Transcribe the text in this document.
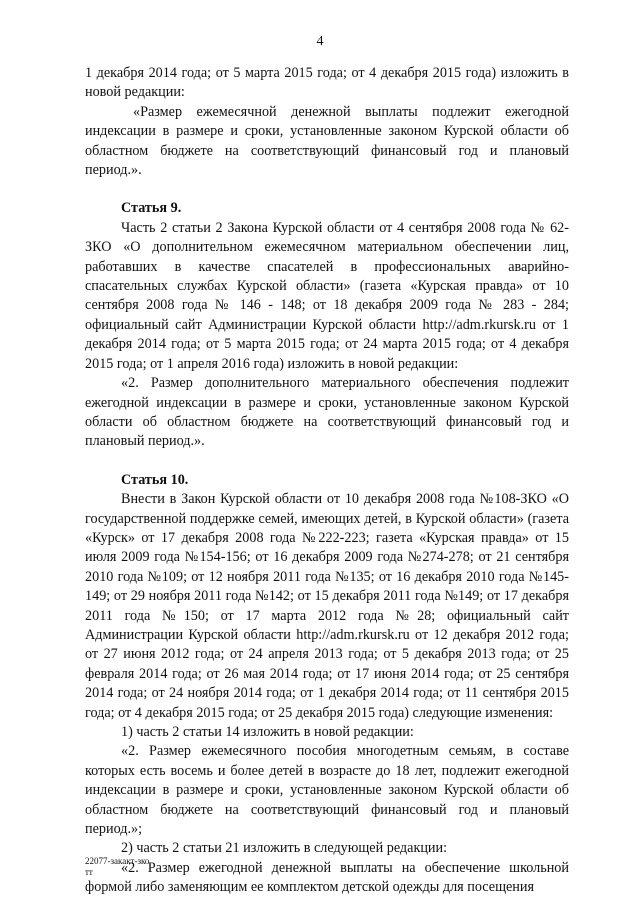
4

1 декабря 2014 года; от 5 марта 2015 года; от 4 декабря 2015 года) изложить в новой редакции:

«Размер ежемесячной денежной выплаты подлежит ежегодной индексации в размере и сроки, установленные законом Курской области об областном бюджете на соответствующий финансовый год и плановый период.».

Статья 9.

Часть 2 статьи 2 Закона Курской области от 4 сентября 2008 года № 62-ЗКО «О дополнительном ежемесячном материальном обеспечении лиц, работавших в качестве спасателей в профессиональных аварийно-спасательных службах Курской области» (газета «Курская правда» от 10 сентября 2008 года № 146 - 148; от 18 декабря 2009 года № 283 - 284; официальный сайт Администрации Курской области http://adm.rkursk.ru от 1 декабря 2014 года; от 5 марта 2015 года; от 24 марта 2015 года; от 4 декабря 2015 года; от 1 апреля 2016 года) изложить в новой редакции:

«2. Размер дополнительного материального обеспечения подлежит ежегодной индексации в размере и сроки, установленные законом Курской области об областном бюджете на соответствующий финансовый год и плановый период.».

Статья 10.

Внести в Закон Курской области от 10 декабря 2008 года №108-ЗКО «О государственной поддержке семей, имеющих детей, в Курской области» (газета «Курск» от 17 декабря 2008 года №222-223; газета «Курская правда» от 15 июля 2009 года №154-156; от 16 декабря 2009 года №274-278; от 21 сентября 2010 года №109; от 12 ноября 2011 года №135; от 16 декабря 2010 года №145-149; от 29 ноября 2011 года №142; от 15 декабря 2011 года №149; от 17 декабря 2011 года №150; от 17 марта 2012 года №28; официальный сайт Администрации Курской области http://adm.rkursk.ru от 12 декабря 2012 года; от 27 июня 2012 года; от 24 апреля 2013 года; от 5 декабря 2013 года; от 25 февраля 2014 года; от 26 мая 2014 года; от 17 июня 2014 года; от 25 сентября 2014 года; от 24 ноября 2014 года; от 1 декабря 2014 года; от 11 сентября 2015 года; от 4 декабря 2015 года; от 25 декабря 2015 года) следующие изменения:

1) часть 2 статьи 14 изложить в новой редакции:

«2. Размер ежемесячного пособия многодетным семьям, в составе которых есть восемь и более детей в возрасте до 18 лет, подлежит ежегодной индексации в размере и сроки, установленные законом Курской области об областном бюджете на соответствующий финансовый год и плановый период.»;

2) часть 2 статьи 21 изложить в следующей редакции:

«2. Размер ежегодной денежной выплаты на обеспечение школьной формой либо заменяющим ее комплектом детской одежды для посещения

22077-закакт-зко
тт
